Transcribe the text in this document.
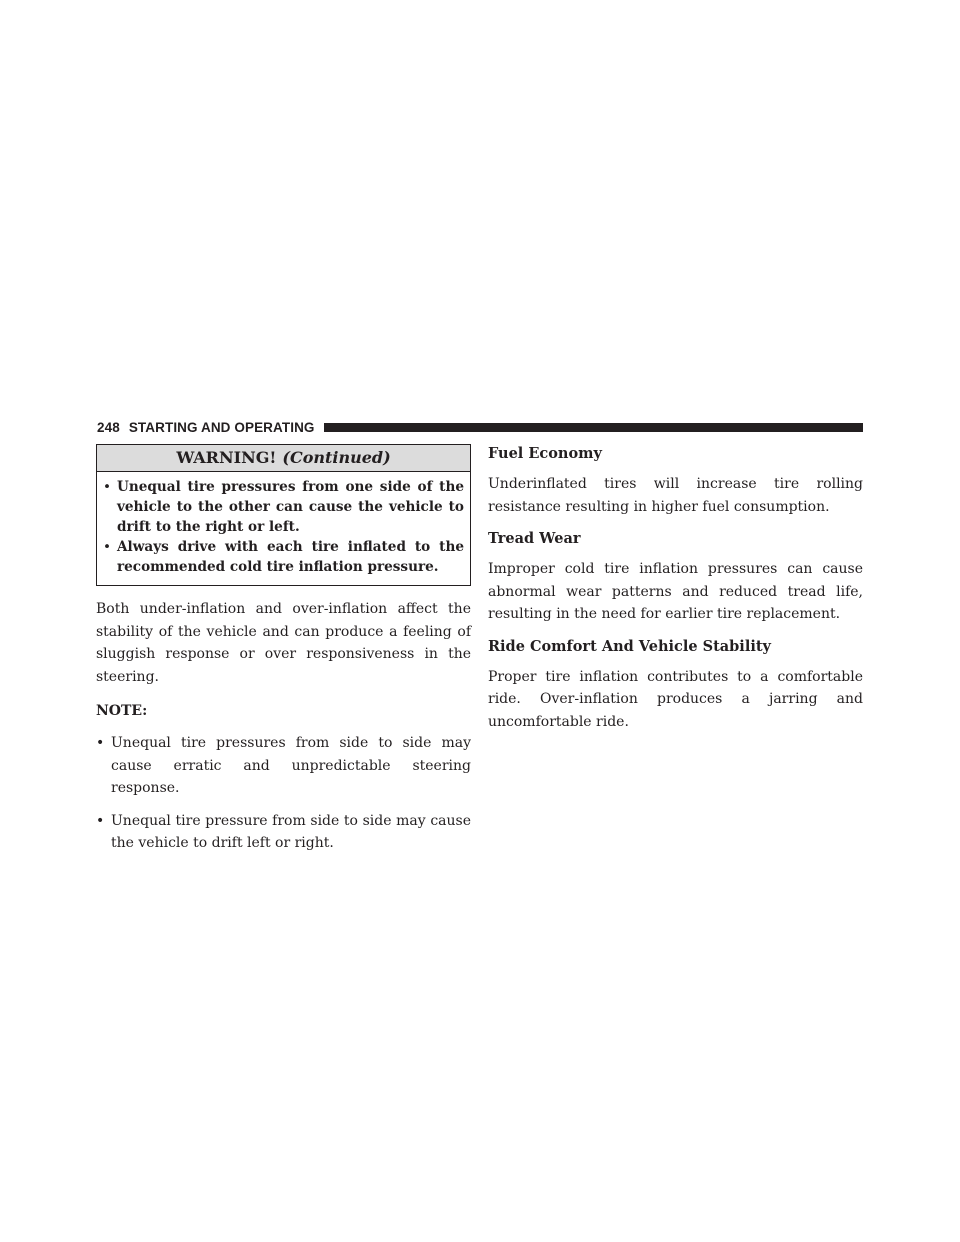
248 STARTING AND OPERATING
WARNING! (Continued)
• Unequal tire pressures from one side of the vehicle to the other can cause the vehicle to drift to the right or left.
• Always drive with each tire inflated to the recommended cold tire inflation pressure.

Both under-inflation and over-inflation affect the stability of the vehicle and can produce a feeling of sluggish response or over responsiveness in the steering.

NOTE:

• Unequal tire pressures from side to side may cause erratic and unpredictable steering response.
• Unequal tire pressure from side to side may cause the vehicle to drift left or right.
Fuel Economy

Underinflated tires will increase tire rolling resistance resulting in higher fuel consumption.

Tread Wear

Improper cold tire inflation pressures can cause abnormal wear patterns and reduced tread life, resulting in the need for earlier tire replacement.

Ride Comfort And Vehicle Stability

Proper tire inflation contributes to a comfortable ride. Over-inflation produces a jarring and uncomfortable ride.
